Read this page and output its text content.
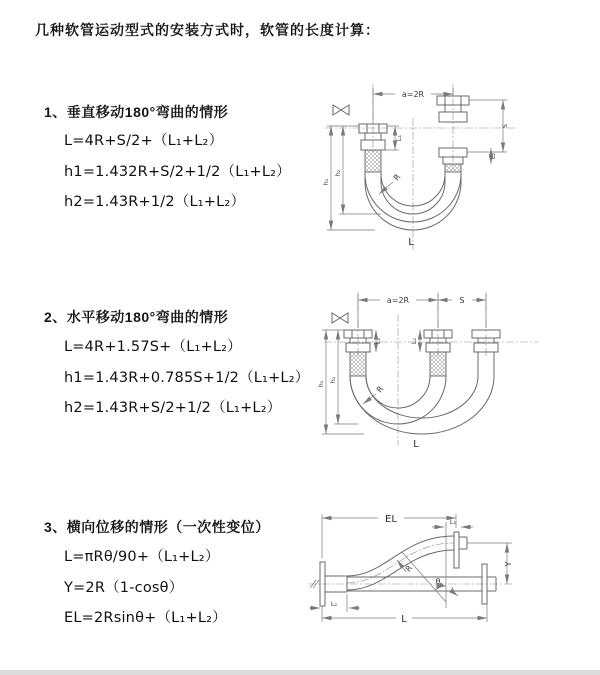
几种软管运动型式的安装方式时，软管的长度计算：
1、垂直移动180°弯曲的情形
L=4R+S/2+（L₁+L₂）
h1=1.432R+S/2+1/2（L₁+L₂）
h2=1.43R+1/2（L₁+L₂）
a=2R
h₁
h₂
L₁
S
L₂
R
L
2、水平移动180°弯曲的情形
L=4R+1.57S+（L₁+L₂）
h1=1.43R+0.785S+1/2（L₁+L₂）
h2=1.43R+S/2+1/2（L₁+L₂）
a=2R	S
h₁
h₂
L₁	L₂
R
L
3、横向位移的情形（一次性变位）
L=πRθ/90+（L₁+L₂）
Y=2R（1-cosθ）
EL=2Rsinθ+（L₁+L₂）
EL	L₁
Y
θ
R
L
L₂
